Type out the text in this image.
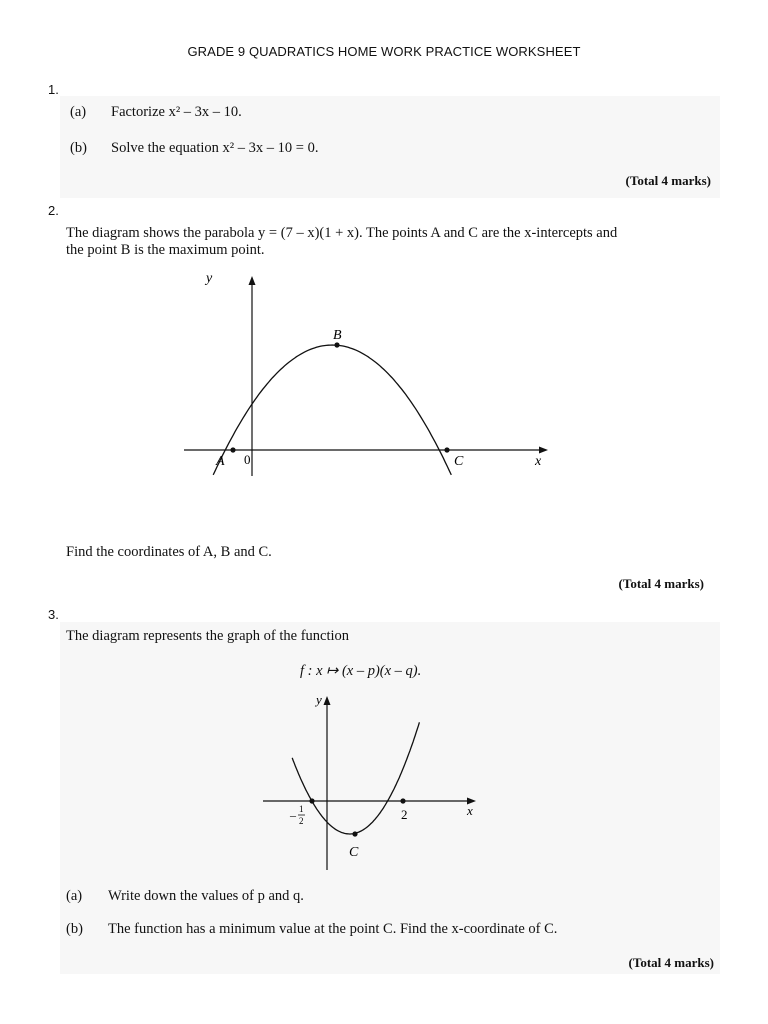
GRADE 9 QUADRATICS HOME WORK PRACTICE WORKSHEET
1.
(a) Factorize x² – 3x – 10.
(b) Solve the equation x² – 3x – 10 = 0.
(Total 4 marks)
2.
The diagram shows the parabola y = (7 – x)(1 + x). The points A and C are the x-intercepts and
the point B is the maximum point.
y
x
0
A
B
C
Find the coordinates of A, B and C.
(Total 4 marks)
3.
The diagram represents the graph of the function
f : x ↦ (x – p)(x – q).
y
x
– 1
2	2
C
(a) Write down the values of p and q.
(b) The function has a minimum value at the point C. Find the x-coordinate of C.
(Total 4 marks)
